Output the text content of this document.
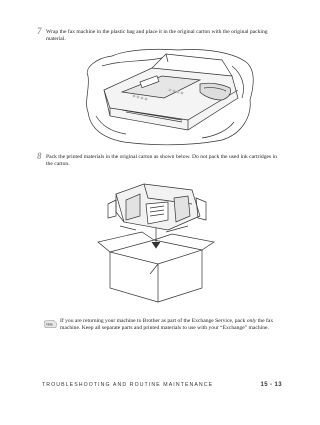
7 Wrap the fax machine in the plastic bag and place it in the original carton with the original packing material.
8 Pack the printed materials in the original carton as shown below. Do not pack the used ink cartridges in the carton.
Note
If you are returning your machine to Brother as part of the Exchange Service, pack only the fax machine. Keep all separate parts and printed materials to use with your “Exchange” machine.
TROUBLESHOOTING AND ROUTINE MAINTENANCE	15 - 13
